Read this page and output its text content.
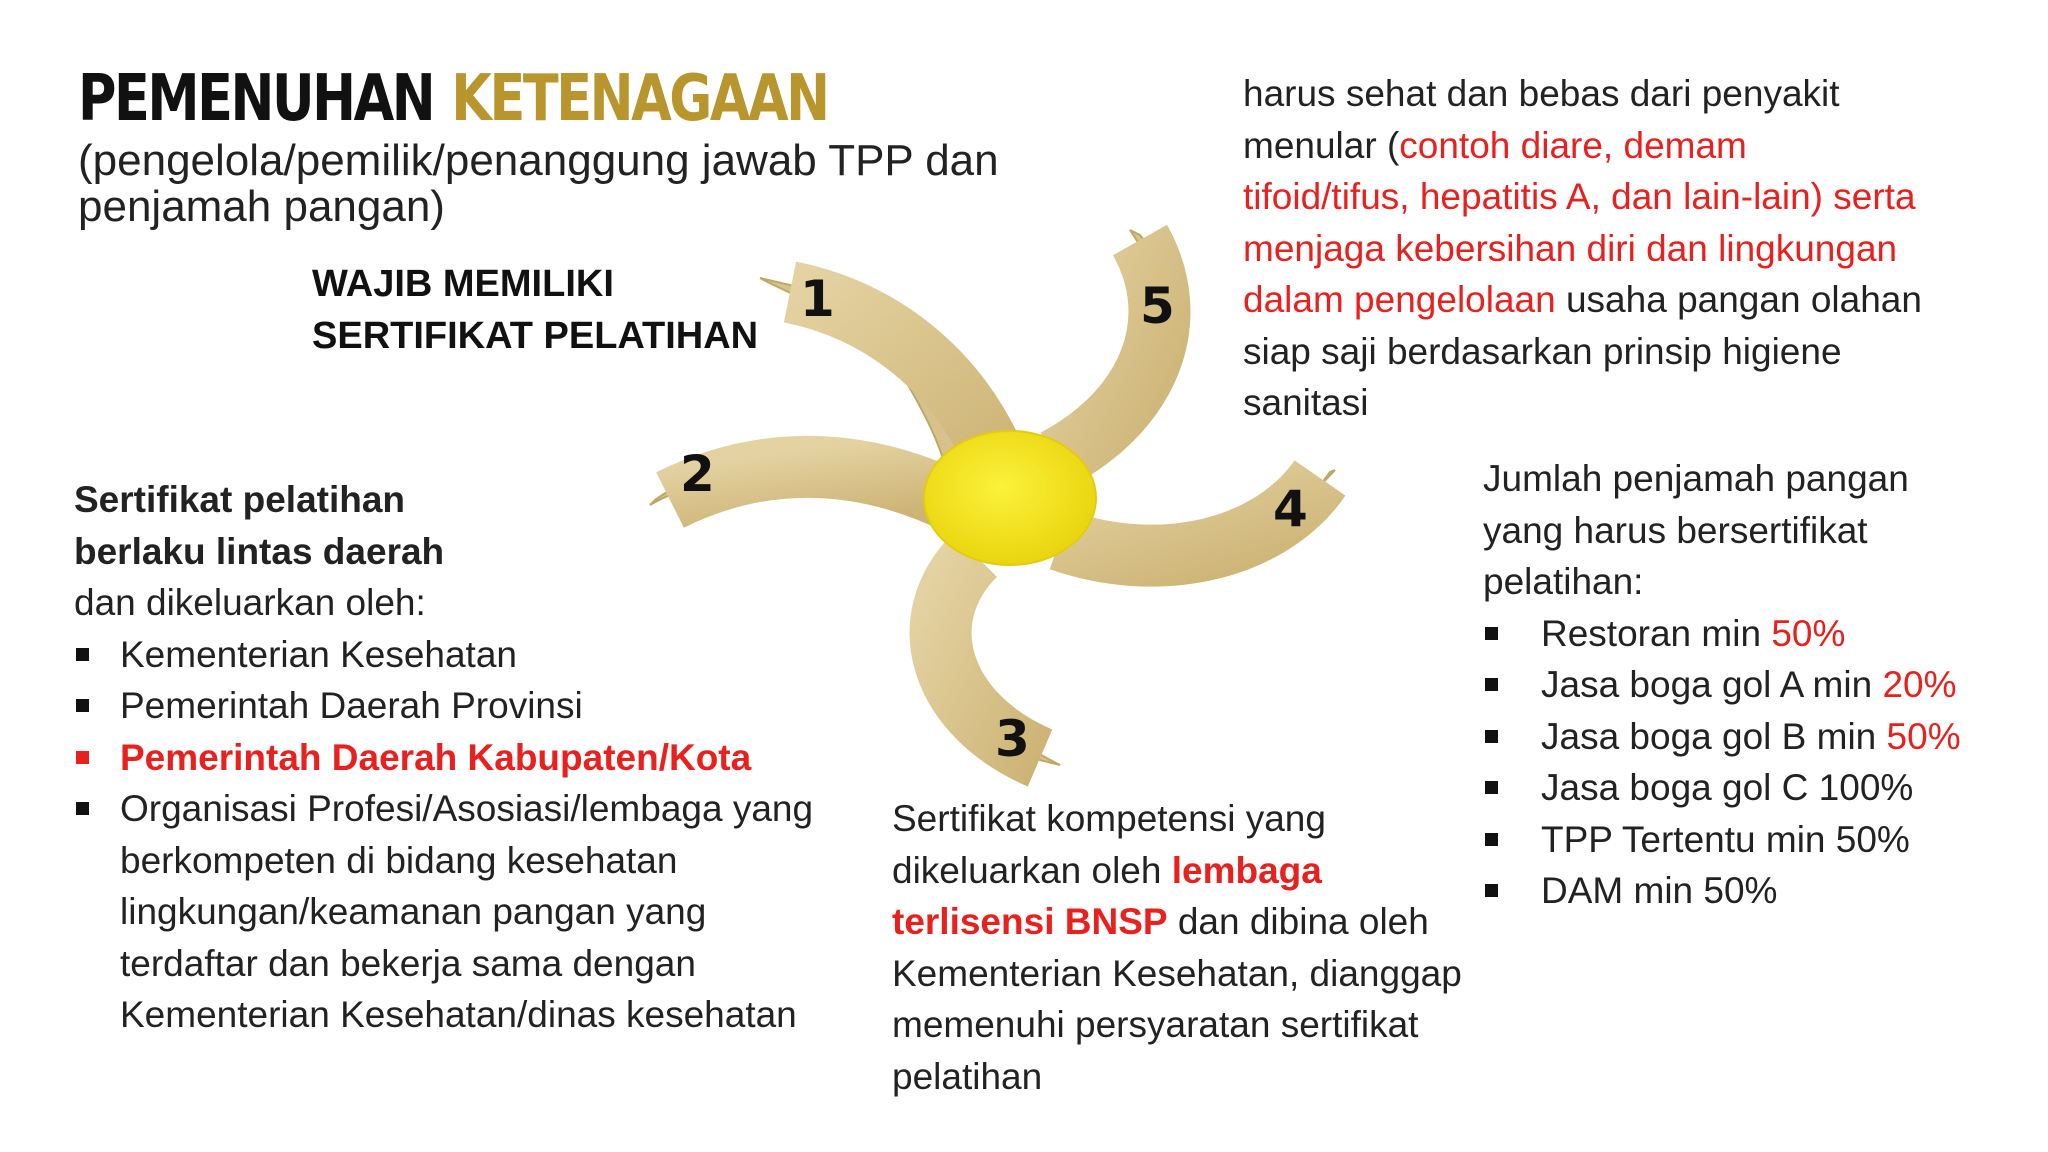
PEMENUHAN KETENAGAAN
(pengelola/pemilik/penanggung jawab TPP dan penjamah pangan)
WAJIB MEMILIKI
SERTIFIKAT PELATIHAN
1
2
3
4
5
harus sehat dan bebas dari penyakit menular (contoh diare, demam tifoid/tifus, hepatitis A, dan lain-lain) serta menjaga kebersihan diri dan lingkungan dalam pengelolaan usaha pangan olahan siap saji berdasarkan prinsip higiene sanitasi
Sertifikat pelatihan
berlaku lintas daerah
dan dikeluarkan oleh:
Kementerian Kesehatan
Pemerintah Daerah Provinsi
Pemerintah Daerah Kabupaten/Kota
Organisasi Profesi/Asosiasi/lembaga yang berkompeten di bidang kesehatan lingkungan/keamanan pangan yang terdaftar dan bekerja sama dengan Kementerian Kesehatan/dinas kesehatan
Sertifikat kompetensi yang dikeluarkan oleh lembaga terlisensi BNSP dan dibina oleh Kementerian Kesehatan, dianggap memenuhi persyaratan sertifikat pelatihan
Jumlah penjamah pangan yang harus bersertifikat pelatihan:
Restoran min 50%
Jasa boga gol A min 20%
Jasa boga gol B min 50%
Jasa boga gol C 100%
TPP Tertentu min 50%
DAM min 50%
